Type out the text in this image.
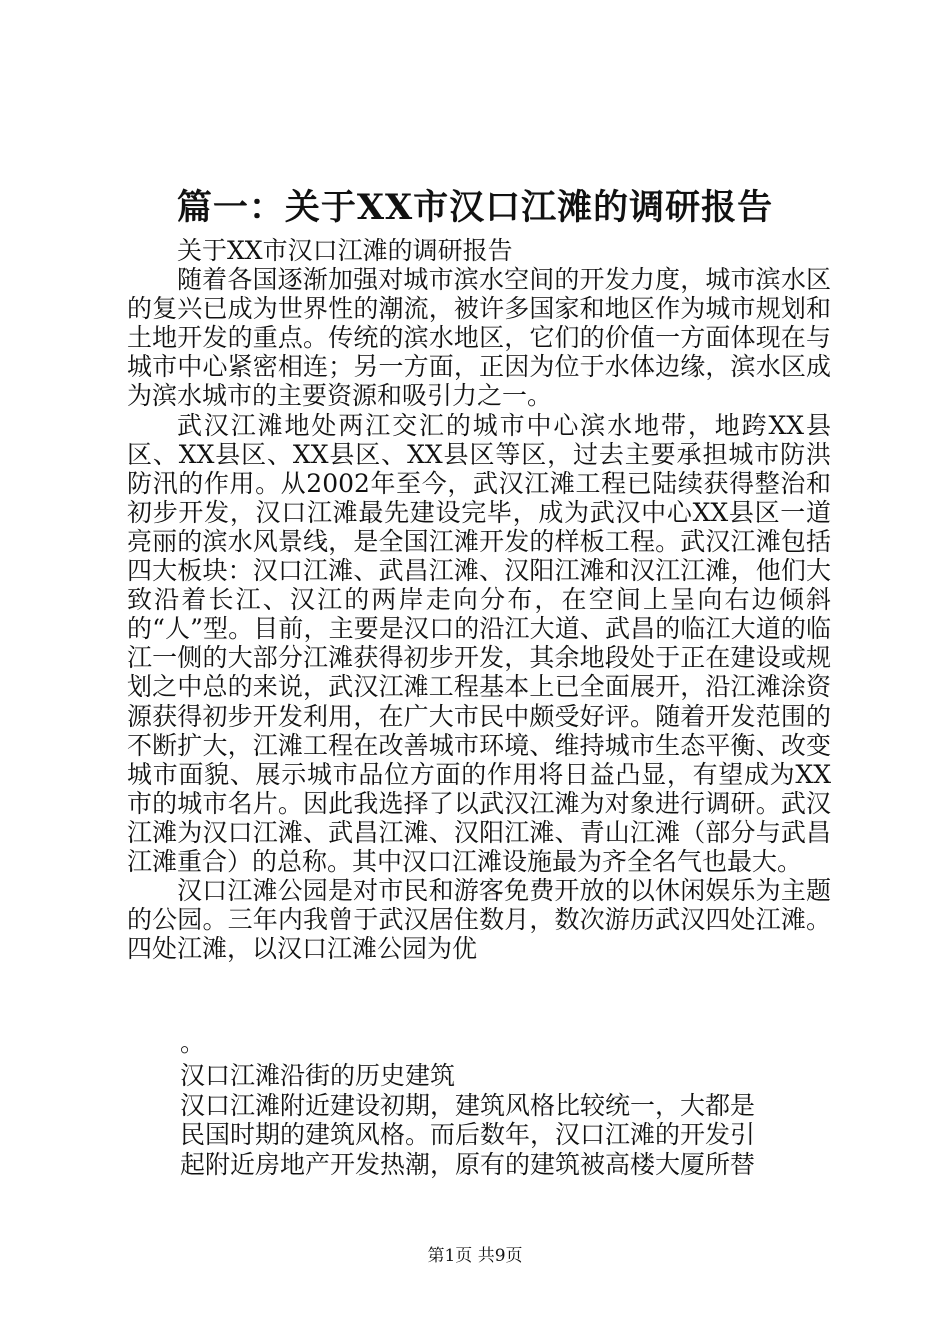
篇一：关于XX市汉口江滩的调研报告

关于XX市汉口江滩的调研报告

随着各国逐渐加强对城市滨水空间的开发力度，城市滨水区的复兴已成为世界性的潮流，被许多国家和地区作为城市规划和土地开发的重点。传统的滨水地区，它们的价值一方面体现在与城市中心紧密相连；另一方面，正因为位于水体边缘，滨水区成为滨水城市的主要资源和吸引力之一。

武汉江滩地处两江交汇的城市中心滨水地带，地跨XX县区、XX县区、XX县区、XX县区等区，过去主要承担城市防洪防汛的作用。从2002年至今，武汉江滩工程已陆续获得整治和初步开发，汉口江滩最先建设完毕，成为武汉中心XX县区一道亮丽的滨水风景线，是全国江滩开发的样板工程。武汉江滩包括四大板块：汉口江滩、武昌江滩、汉阳江滩和汉江江滩，他们大致沿着长江、汉江的两岸走向分布，在空间上呈向右边倾斜的“人”型。目前，主要是汉口的沿江大道、武昌的临江大道的临江一侧的大部分江滩获得初步开发，其余地段处于正在建设或规划之中总的来说，武汉江滩工程基本上已全面展开，沿江滩涂资源获得初步开发利用，在广大市民中颇受好评。随着开发范围的不断扩大，江滩工程在改善城市环境、维持城市生态平衡、改变城市面貌、展示城市品位方面的作用将日益凸显，有望成为XX市的城市名片。因此我选择了以武汉江滩为对象进行调研。武汉江滩为汉口江滩、武昌江滩、汉阳江滩、青山江滩（部分与武昌江滩重合）的总称。其中汉口江滩设施最为齐全名气也最大。

汉口江滩公园是对市民和游客免费开放的以休闲娱乐为主题的公园。三年内我曾于武汉居住数月，数次游历武汉四处江滩。四处江滩，以汉口江滩公园为优

。

汉口江滩沿街的历史建筑

汉口江滩附近建设初期，建筑风格比较统一，大都是

民国时期的建筑风格。而后数年，汉口江滩的开发引

起附近房地产开发热潮，原有的建筑被高楼大厦所替

第1页 共9页
